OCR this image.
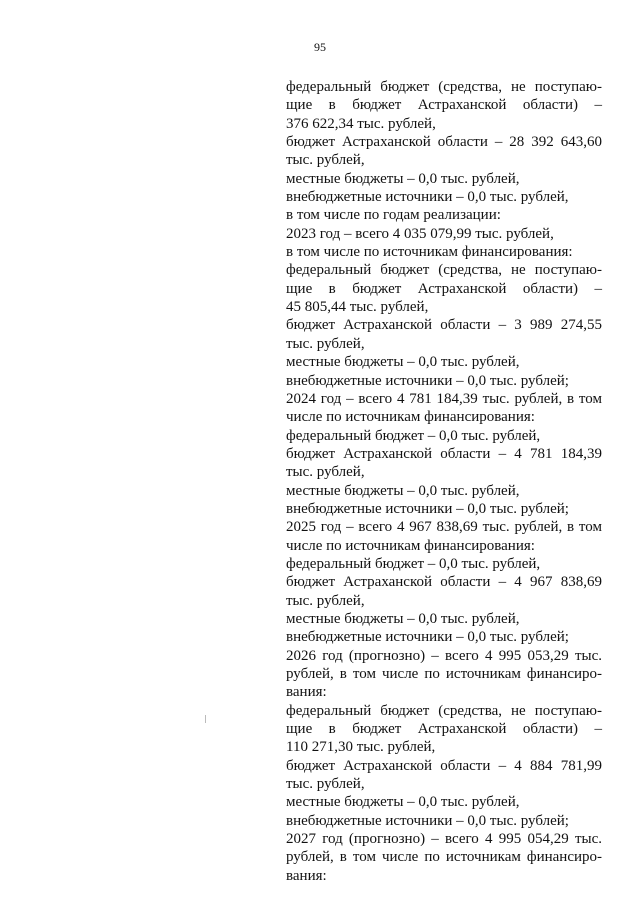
95
федеральный бюджет (средства, не поступаю-
щие в бюджет Астраханской области) –
376 622,34 тыс. рублей,
бюджет Астраханской области – 28 392 643,60
тыс. рублей,
местные бюджеты – 0,0 тыс. рублей,
внебюджетные источники – 0,0 тыс. рублей,
в том числе по годам реализации:
2023 год – всего 4 035 079,99 тыс. рублей,
в том числе по источникам финансирования:
федеральный бюджет (средства, не поступаю-
щие в бюджет Астраханской области) –
45 805,44 тыс. рублей,
бюджет Астраханской области – 3 989 274,55
тыс. рублей,
местные бюджеты – 0,0 тыс. рублей,
внебюджетные источники – 0,0 тыс. рублей;
2024 год – всего 4 781 184,39 тыс. рублей, в том
числе по источникам финансирования:
федеральный бюджет – 0,0 тыс. рублей,
бюджет Астраханской области – 4 781 184,39
тыс. рублей,
местные бюджеты – 0,0 тыс. рублей,
внебюджетные источники – 0,0 тыс. рублей;
2025 год – всего 4 967 838,69 тыс. рублей, в том
числе по источникам финансирования:
федеральный бюджет – 0,0 тыс. рублей,
бюджет Астраханской области – 4 967 838,69
тыс. рублей,
местные бюджеты – 0,0 тыс. рублей,
внебюджетные источники – 0,0 тыс. рублей;
2026 год (прогнозно) – всего 4 995 053,29 тыс.
рублей, в том числе по источникам финансиро-
вания:
федеральный бюджет (средства, не поступаю-
щие в бюджет Астраханской области) –
110 271,30 тыс. рублей,
бюджет Астраханской области – 4 884 781,99
тыс. рублей,
местные бюджеты – 0,0 тыс. рублей,
внебюджетные источники – 0,0 тыс. рублей;
2027 год (прогнозно) – всего 4 995 054,29 тыс.
рублей, в том числе по источникам финансиро-
вания:
